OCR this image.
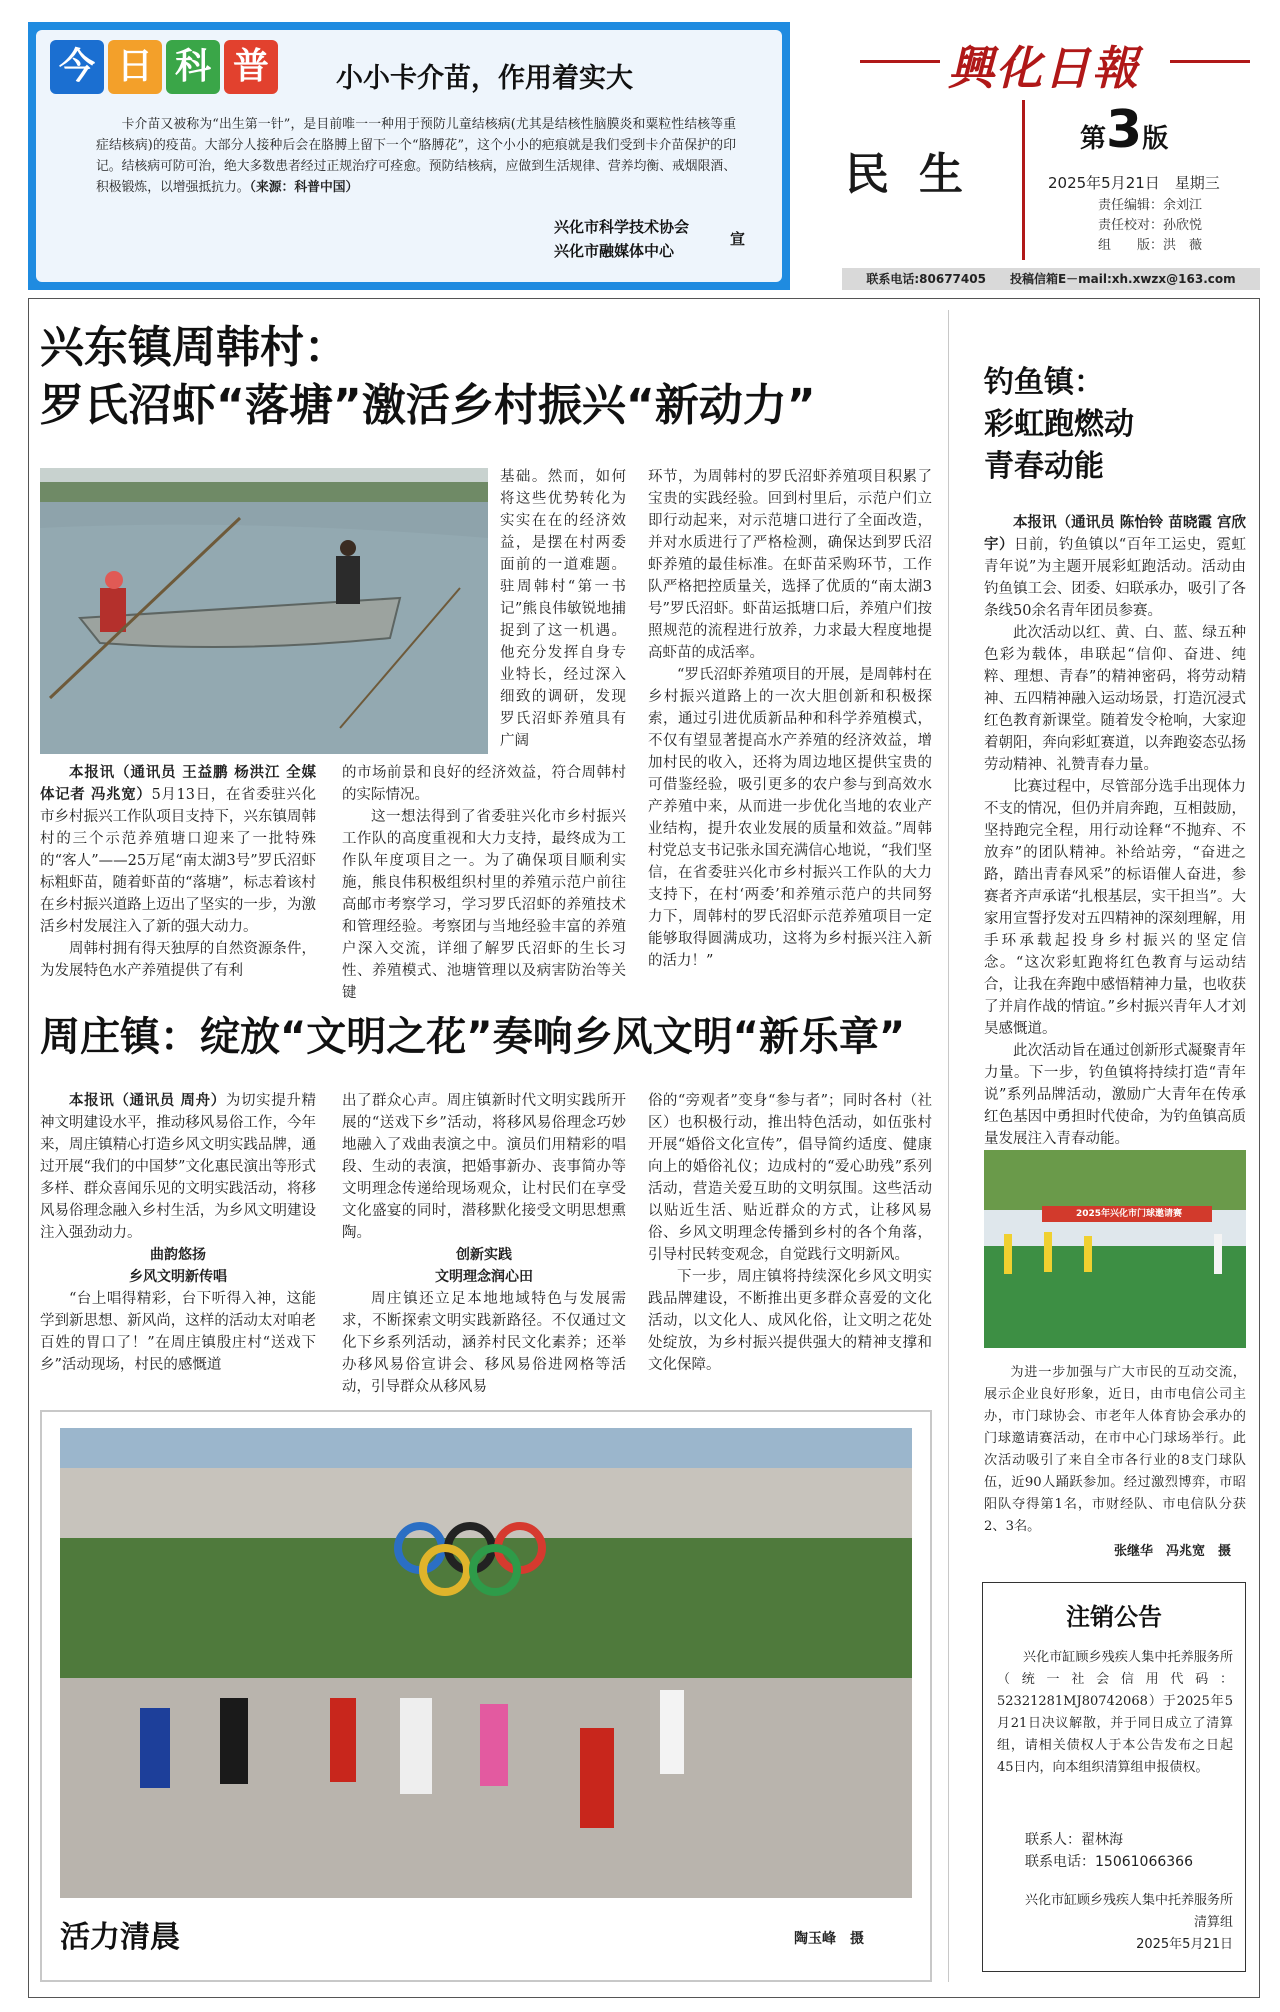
今 日 科 普	小小卡介苗，作用着实大
卡介苗又被称为“出生第一针”，是目前唯一一种用于预防儿童结核病(尤其是结核性脑膜炎和粟粒性结核等重症结核病)的疫苗。大部分人接种后会在胳膊上留下一个“胳膊花”，这个小小的疤痕就是我们受到卡介苗保护的印记。结核病可防可治，绝大多数患者经过正规治疗可痊愈。预防结核病，应做到生活规律、营养均衡、戒烟限酒、积极锻炼，以增强抵抗力。（来源：科普中国）
兴化市科学技术协会
兴化市融媒体中心
宣
興化日報
民生
第3版
2025年5月21日　星期三
责任编辑：余刘江
责任校对：孙欣悦
组　　版：洪　薇
联系电话:80677405　　投稿信箱E－mail:xh.xwzx@163.com
兴东镇周韩村：
罗氏沼虾“落塘”激活乡村振兴“新动力”

本报讯（通讯员 王益鹏 杨洪江 全媒体记者 冯兆宽）5月13日，在省委驻兴化市乡村振兴工作队项目支持下，兴东镇周韩村的三个示范养殖塘口迎来了一批特殊的“客人”——25万尾“南太湖3号”罗氏沼虾标粗虾苗，随着虾苗的“落塘”，标志着该村在乡村振兴道路上迈出了坚实的一步，为激活乡村发展注入了新的强大动力。

周韩村拥有得天独厚的自然资源条件，为发展特色水产养殖提供了有利

基础。然而，如何将这些优势转化为实实在在的经济效益，是摆在村两委面前的一道难题。驻周韩村“第一书记”熊良伟敏锐地捕捉到了这一机遇。他充分发挥自身专业特长，经过深入细致的调研，发现罗氏沼虾养殖具有广阔

的市场前景和良好的经济效益，符合周韩村的实际情况。

这一想法得到了省委驻兴化市乡村振兴工作队的高度重视和大力支持，最终成为工作队年度项目之一。为了确保项目顺利实施，熊良伟积极组织村里的养殖示范户前往高邮市考察学习，学习罗氏沼虾的养殖技术和管理经验。考察团与当地经验丰富的养殖户深入交流，详细了解罗氏沼虾的生长习性、养殖模式、池塘管理以及病害防治等关键

环节，为周韩村的罗氏沼虾养殖项目积累了宝贵的实践经验。回到村里后，示范户们立即行动起来，对示范塘口进行了全面改造，并对水质进行了严格检测，确保达到罗氏沼虾养殖的最佳标准。在虾苗采购环节，工作队严格把控质量关，选择了优质的“南太湖3号”罗氏沼虾。虾苗运抵塘口后，养殖户们按照规范的流程进行放养，力求最大程度地提高虾苗的成活率。

“罗氏沼虾养殖项目的开展，是周韩村在乡村振兴道路上的一次大胆创新和积极探索，通过引进优质新品种和科学养殖模式，不仅有望显著提高水产养殖的经济效益，增加村民的收入，还将为周边地区提供宝贵的可借鉴经验，吸引更多的农户参与到高效水产养殖中来，从而进一步优化当地的农业产业结构，提升农业发展的质量和效益。”周韩村党总支书记张永国充满信心地说，“我们坚信，在省委驻兴化市乡村振兴工作队的大力支持下，在村‘两委’和养殖示范户的共同努力下，周韩村的罗氏沼虾示范养殖项目一定能够取得圆满成功，这将为乡村振兴注入新的活力！”

周庄镇：绽放“文明之花”奏响乡风文明“新乐章”

本报讯（通讯员 周舟）为切实提升精神文明建设水平，推动移风易俗工作，今年来，周庄镇精心打造乡风文明实践品牌，通过开展“我们的中国梦”文化惠民演出等形式多样、群众喜闻乐见的文明实践活动，将移风易俗理念融入乡村生活，为乡风文明建设注入强劲动力。

曲韵悠扬
乡风文明新传唱

“台上唱得精彩，台下听得入神，这能学到新思想、新风尚，这样的活动太对咱老百姓的胃口了！”在周庄镇殷庄村“送戏下乡”活动现场，村民的感慨道

出了群众心声。周庄镇新时代文明实践所开展的“送戏下乡”活动，将移风易俗理念巧妙地融入了戏曲表演之中。演员们用精彩的唱段、生动的表演，把婚事新办、丧事简办等文明理念传递给现场观众，让村民们在享受文化盛宴的同时，潜移默化接受文明思想熏陶。

创新实践
文明理念润心田

周庄镇还立足本地地域特色与发展需求，不断探索文明实践新路径。不仅通过文化下乡系列活动，涵养村民文化素养；还举办移风易俗宣讲会、移风易俗进网格等活动，引导群众从移风易

俗的“旁观者”变身“参与者”；同时各村（社区）也积极行动，推出特色活动，如伍张村开展“婚俗文化宣传”，倡导简约适度、健康向上的婚俗礼仪；边成村的“爱心助残”系列活动，营造关爱互助的文明氛围。这些活动以贴近生活、贴近群众的方式，让移风易俗、乡风文明理念传播到乡村的各个角落，引导村民转变观念，自觉践行文明新风。

下一步，周庄镇将持续深化乡风文明实践品牌建设，不断推出更多群众喜爱的文化活动，以文化人、成风化俗，让文明之花处处绽放，为乡村振兴提供强大的精神支撑和文化保障。

活力清晨	陶玉峰　摄
钓鱼镇：
彩虹跑燃动
青春动能

本报讯（通讯员 陈怡铃 苗晓霞 宫欣宇）日前，钓鱼镇以“百年工运史，霓虹青年说”为主题开展彩虹跑活动。活动由钓鱼镇工会、团委、妇联承办，吸引了各条线50余名青年团员参赛。

此次活动以红、黄、白、蓝、绿五种色彩为载体，串联起“信仰、奋进、纯粹、理想、青春”的精神密码，将劳动精神、五四精神融入运动场景，打造沉浸式红色教育新课堂。随着发令枪响，大家迎着朝阳，奔向彩虹赛道，以奔跑姿态弘扬劳动精神、礼赞青春力量。

比赛过程中，尽管部分选手出现体力不支的情况，但仍并肩奔跑，互相鼓励，坚持跑完全程，用行动诠释“不抛弃、不放弃”的团队精神。补给站旁，“奋进之路，踏出青春风采”的标语催人奋进，参赛者齐声承诺“扎根基层，实干担当”。大家用宣誓抒发对五四精神的深刻理解，用手环承载起投身乡村振兴的坚定信念。“这次彩虹跑将红色教育与运动结合，让我在奔跑中感悟精神力量，也收获了并肩作战的情谊。”乡村振兴青年人才刘昊感慨道。

此次活动旨在通过创新形式凝聚青年力量。下一步，钓鱼镇将持续打造“青年说”系列品牌活动，激励广大青年在传承红色基因中勇担时代使命，为钓鱼镇高质量发展注入青春动能。

2025年兴化市门球邀请赛
为进一步加强与广大市民的互动交流，展示企业良好形象，近日，由市电信公司主办，市门球协会、市老年人体育协会承办的门球邀请赛活动，在市中心门球场举行。此次活动吸引了来自全市各行业的8支门球队伍，近90人踊跃参加。经过激烈博弈，市昭阳队夺得第1名，市财经队、市电信队分获2、3名。
张继华　冯兆宽　摄
注销公告
兴化市缸顾乡残疾人集中托养服务所（统一社会信用代码：52321281MJ80742068）于2025年5月21日决议解散，并于同日成立了清算组，请相关债权人于本公告发布之日起45日内，向本组织清算组申报债权。
联系人：翟林海
联系电话：15061066366
兴化市缸顾乡残疾人集中托养服务所
清算组
2025年5月21日
